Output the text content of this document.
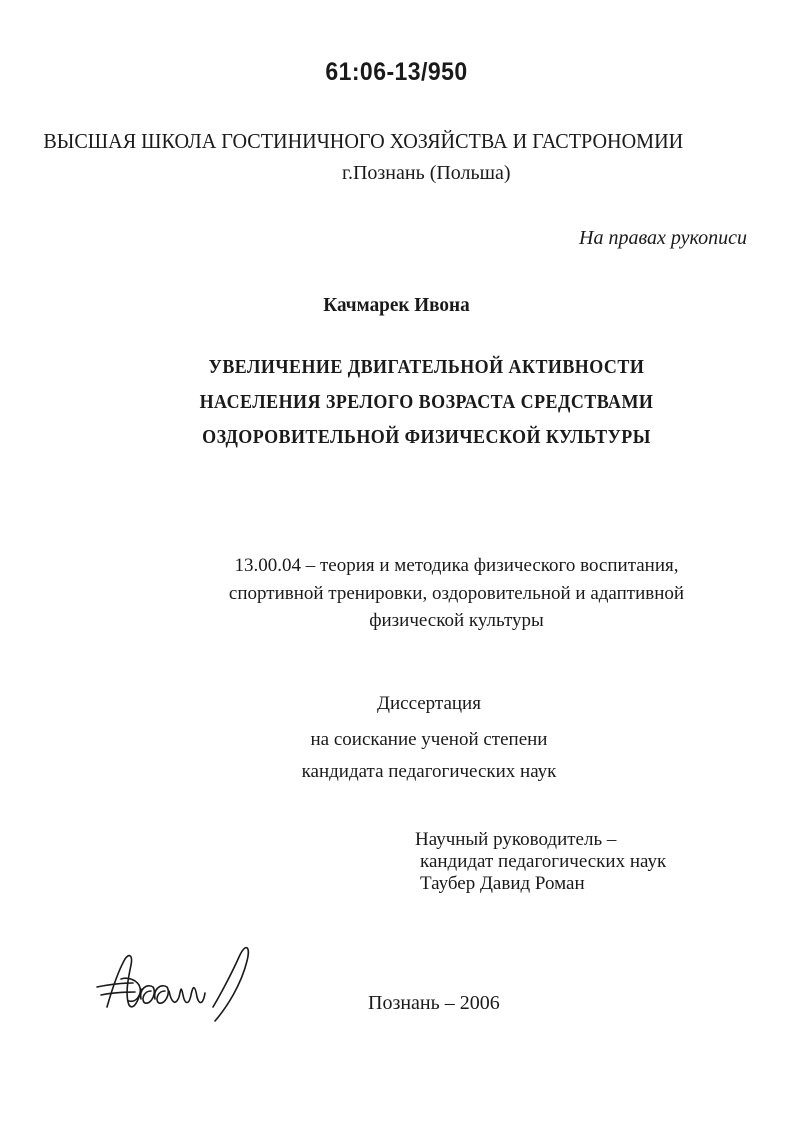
61:06-13/950
ВЫСШАЯ ШКОЛА ГОСТИНИЧНОГО ХОЗЯЙСТВА И ГАСТРОНОМИИ
г.Познань (Польша)
На правах рукописи
Качмарек Ивона
УВЕЛИЧЕНИЕ ДВИГАТЕЛЬНОЙ АКТИВНОСТИ
НАСЕЛЕНИЯ ЗРЕЛОГО ВОЗРАСТА СРЕДСТВАМИ
ОЗДОРОВИТЕЛЬНОЙ ФИЗИЧЕСКОЙ КУЛЬТУРЫ
13.00.04 – теория и методика физического воспитания,
спортивной тренировки, оздоровительной и адаптивной
физической культуры
Диссертация
на соискание ученой степени
кандидата педагогических наук
Научный руководитель –
кандидат педагогических наук
Таубер Давид Роман
Познань – 2006
